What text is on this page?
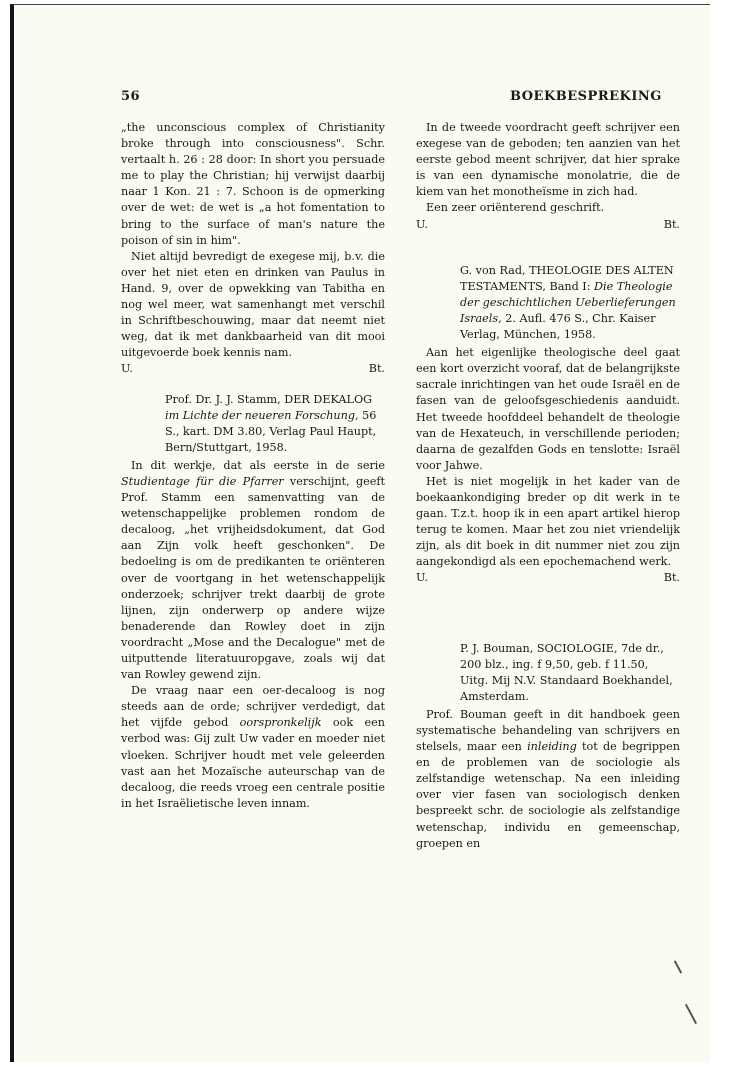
56	BOEKBESPREKING

„the unconscious complex of Christianity broke through into consciousness". Schr. vertaalt h. 26 : 28 door: In short you persuade me to play the Christian; hij verwijst daarbij naar 1 Kon. 21 : 7. Schoon is de opmerking over de wet: de wet is „a hot fomentation to bring to the surface of man's nature the poison of sin in him".

Niet altijd bevredigt de exegese mij, b.v. die over het niet eten en drinken van Paulus in Hand. 9, over de opwekking van Tabitha en nog wel meer, wat samenhangt met verschil in Schriftbeschouwing, maar dat neemt niet weg, dat ik met dankbaarheid van dit mooi uitgevoerde boek kennis nam.

U.	Bt.

Prof. Dr. J. J. Stamm, DER DEKALOG im Lichte der neueren Forschung, 56 S., kart. DM 3.80, Verlag Paul Haupt, Bern/Stuttgart, 1958.

In dit werkje, dat als eerste in de serie Studientage für die Pfarrer verschijnt, geeft Prof. Stamm een samenvatting van de wetenschappelijke problemen rondom de decaloog, „het vrijheidsdokument, dat God aan Zijn volk heeft geschonken". De bedoeling is om de predikanten te oriënteren over de voortgang in het wetenschappelijk onderzoek; schrijver trekt daarbij de grote lijnen, zijn onderwerp op andere wijze benaderende dan Rowley doet in zijn voordracht „Mose and the Decalogue" met de uitputtende literatuuropgave, zoals wij dat van Rowley gewend zijn.

De vraag naar een oer-decaloog is nog steeds aan de orde; schrijver verdedigt, dat het vijfde gebod oorspronkelijk ook een verbod was: Gij zult Uw vader en moeder niet vloeken. Schrijver houdt met vele geleerden vast aan het Mozaïsche auteurschap van de decaloog, die reeds vroeg een centrale positie in het Israëlietische leven innam.

In de tweede voordracht geeft schrijver een exegese van de geboden; ten aanzien van het eerste gebod meent schrijver, dat hier sprake is van een dynamische monolatrie, die de kiem van het monotheïsme in zich had.

Een zeer oriënterend geschrift.

U.	Bt.

G. von Rad, THEOLOGIE DES ALTEN TESTAMENTS, Band I: Die Theologie der geschichtlichen Ueberlieferungen Israels, 2. Aufl. 476 S., Chr. Kaiser Verlag, München, 1958.

Aan het eigenlijke theologische deel gaat een kort overzicht vooraf, dat de belangrijkste sacrale inrichtingen van het oude Israël en de fasen van de geloofsgeschiedenis aanduidt. Het tweede hoofddeel behandelt de theologie van de Hexateuch, in verschillende perioden; daarna de gezalfden Gods en tenslotte: Israël voor Jahwe.

Het is niet mogelijk in het kader van de boekaankondiging breder op dit werk in te gaan. T.z.t. hoop ik in een apart artikel hierop terug te komen. Maar het zou niet vriendelijk zijn, als dit boek in dit nummer niet zou zijn aangekondigd als een epochemachend werk.

U.	Bt.

P. J. Bouman, SOCIOLOGIE, 7de dr., 200 blz., ing. f 9,50, geb. f 11.50, Uitg. Mij N.V. Standaard Boekhandel, Amsterdam.

Prof. Bouman geeft in dit handboek geen systematische behandeling van schrijvers en stelsels, maar een inleiding tot de begrippen en de problemen van de sociologie als zelfstandige wetenschap. Na een inleiding over vier fasen van sociologisch denken bespreekt schr. de sociologie als zelfstandige wetenschap, individu en gemeenschap, groepen en
